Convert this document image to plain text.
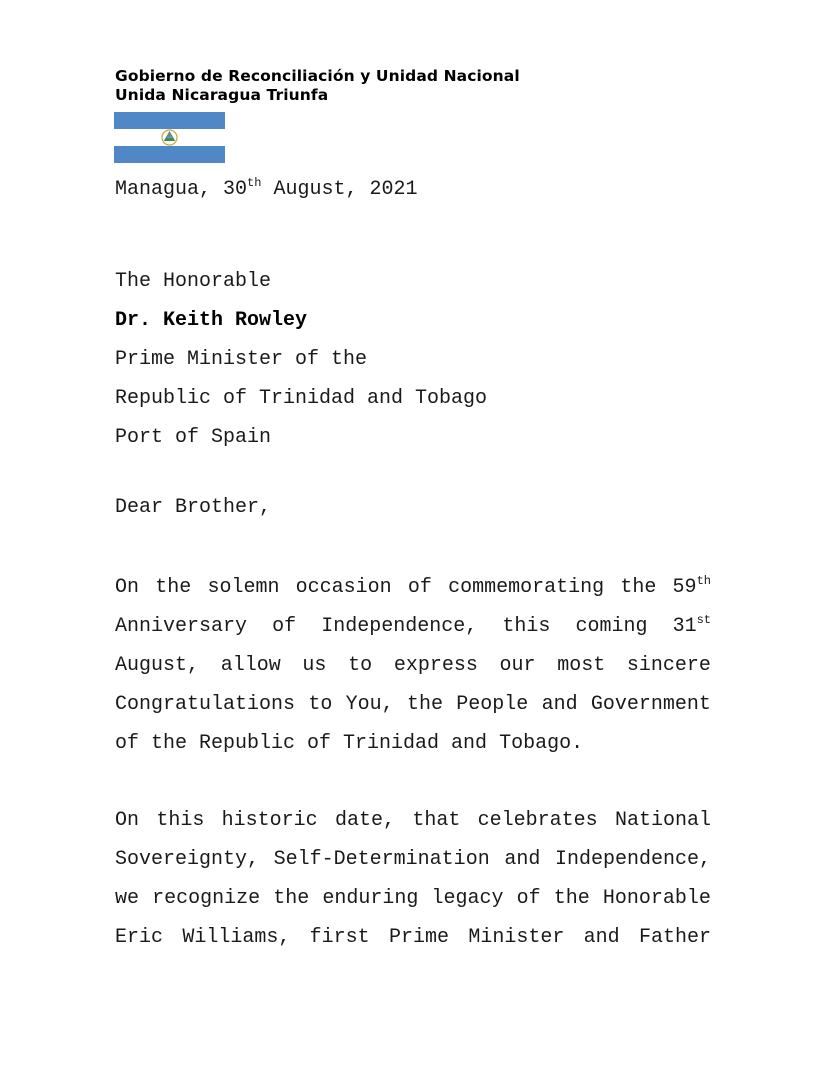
Gobierno de Reconciliación y Unidad Nacional
Unida Nicaragua Triunfa
Managua, 30th August, 2021
The Honorable
Dr. Keith Rowley
Prime Minister of the
Republic of Trinidad and Tobago
Port of Spain
Dear Brother,
On the solemn occasion of commemorating the 59th
Anniversary of Independence, this coming 31st
August, allow us to express our most sincere
Congratulations to You, the People and Government
of the Republic of Trinidad and Tobago.
On this historic date, that celebrates National
Sovereignty, Self-Determination and Independence,
we recognize the enduring legacy of the Honorable
Eric Williams, first Prime Minister and Father
